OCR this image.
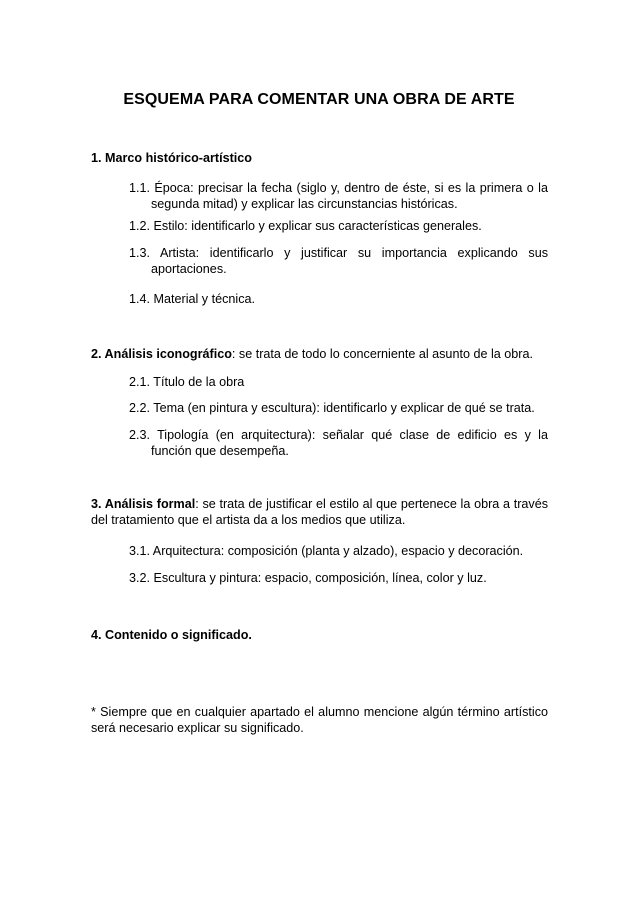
ESQUEMA PARA COMENTAR UNA OBRA DE ARTE
1. Marco histórico-artístico
1.1. Época: precisar la fecha (siglo y, dentro de éste, si es la primera o la segunda mitad) y explicar las circunstancias históricas.
1.2. Estilo: identificarlo y explicar sus características generales.
1.3. Artista: identificarlo y justificar su importancia explicando sus aportaciones.
1.4. Material y técnica.
2. Análisis iconográfico: se trata de todo lo concerniente al asunto de la obra.
2.1. Título de la obra
2.2. Tema (en pintura y escultura): identificarlo y explicar de qué se trata.
2.3. Tipología (en arquitectura): señalar qué clase de edificio es y la función que desempeña.
3. Análisis formal: se trata de justificar el estilo al que pertenece la obra a través del tratamiento que el artista da a los medios que utiliza.
3.1. Arquitectura: composición (planta y alzado), espacio y decoración.
3.2. Escultura y pintura: espacio, composición, línea, color y luz.
4. Contenido o significado.
* Siempre que en cualquier apartado el alumno mencione algún término artístico será necesario explicar su significado.
